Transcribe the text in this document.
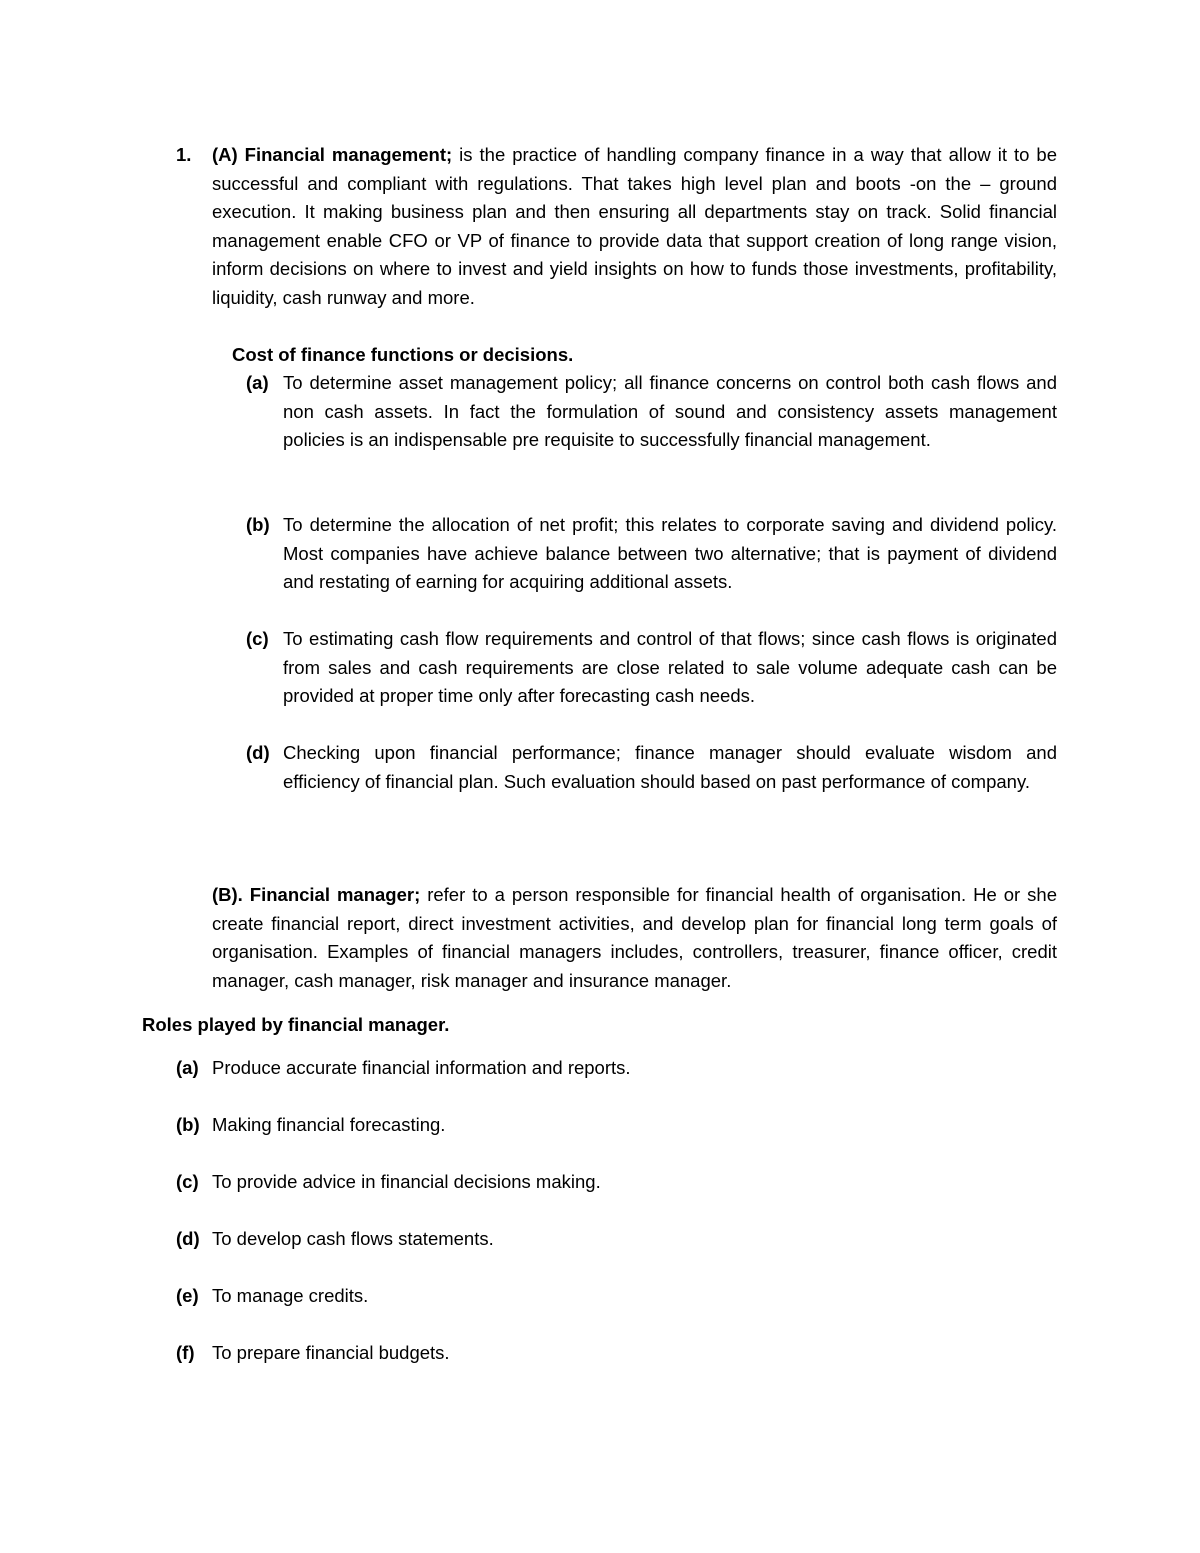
1. (A) Financial management; is the practice of handling company finance in a way that allow it to be successful and compliant with regulations. That takes high level plan and boots -on the – ground execution. It making business plan and then ensuring all departments stay on track. Solid financial management enable CFO or VP of finance to provide data that support creation of long range vision, inform decisions on where to invest and yield insights on how to funds those investments, profitability, liquidity, cash runway and more.
Cost of finance functions or decisions.
(a) To determine asset management policy; all finance concerns on control both cash flows and non cash assets. In fact the formulation of sound and consistency assets management policies is an indispensable pre requisite to successfully financial management.
(b) To determine the allocation of net profit; this relates to corporate saving and dividend policy. Most companies have achieve balance between two alternative; that is payment of dividend and restating of earning for acquiring additional assets.
(c) To estimating cash flow requirements and control of that flows; since cash flows is originated from sales and cash requirements are close related to sale volume adequate cash can be provided at proper time only after forecasting cash needs.
(d) Checking upon financial performance; finance manager should evaluate wisdom and efficiency of financial plan. Such evaluation should based on past performance of company.
(B). Financial manager; refer to a person responsible for financial health of organisation. He or she create financial report, direct investment activities, and develop plan for financial long term goals of organisation. Examples of financial managers includes, controllers, treasurer, finance officer, credit manager, cash manager, risk manager and insurance manager.
Roles played by financial manager.
(a) Produce accurate financial information and reports.
(b) Making financial forecasting.
(c) To provide advice in financial decisions making.
(d) To develop cash flows statements.
(e) To manage credits.
(f) To prepare financial budgets.
